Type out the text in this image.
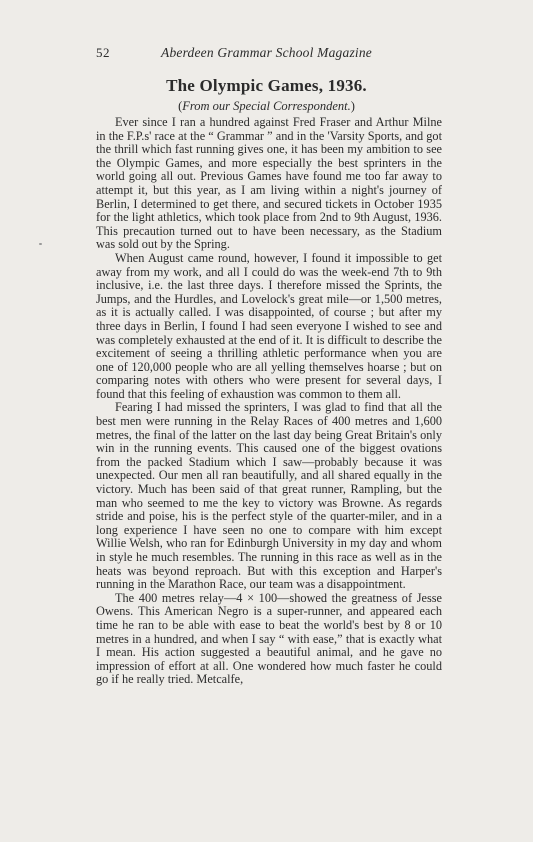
52	Aberdeen Grammar School Magazine
The Olympic Games, 1936.
(From our Special Correspondent.)

Ever since I ran a hundred against Fred Fraser and Arthur Milne in the F.P.s' race at the “ Grammar ” and in the 'Varsity Sports, and got the thrill which fast running gives one, it has been my ambition to see the Olympic Games, and more especially the best sprinters in the world going all out. Previous Games have found me too far away to attempt it, but this year, as I am living within a night's journey of Berlin, I determined to get there, and secured tickets in October 1935 for the light athletics, which took place from 2nd to 9th August, 1936. This precaution turned out to have been necessary, as the Stadium was sold out by the Spring.

When August came round, however, I found it impossible to get away from my work, and all I could do was the week-end 7th to 9th inclusive, i.e. the last three days. I therefore missed the Sprints, the Jumps, and the Hurdles, and Lovelock's great mile—or 1,500 metres, as it is actually called. I was disappointed, of course ; but after my three days in Berlin, I found I had seen everyone I wished to see and was completely exhausted at the end of it. It is difficult to describe the excitement of seeing a thrilling athletic performance when you are one of 120,000 people who are all yelling themselves hoarse ; but on comparing notes with others who were present for several days, I found that this feeling of exhaustion was common to them all.

Fearing I had missed the sprinters, I was glad to find that all the best men were running in the Relay Races of 400 metres and 1,600 metres, the final of the latter on the last day being Great Britain's only win in the running events. This caused one of the biggest ovations from the packed Stadium which I saw—probably because it was unexpected. Our men all ran beautifully, and all shared equally in the victory. Much has been said of that great runner, Rampling, but the man who seemed to me the key to victory was Browne. As regards stride and poise, his is the perfect style of the quarter-miler, and in a long experience I have seen no one to compare with him except Willie Welsh, who ran for Edinburgh University in my day and whom in style he much resembles. The running in this race as well as in the heats was beyond reproach. But with this exception and Harper's running in the Marathon Race, our team was a disappointment.

The 400 metres relay—4 × 100—showed the greatness of Jesse Owens. This American Negro is a super-runner, and appeared each time he ran to be able with ease to beat the world's best by 8 or 10 metres in a hundred, and when I say “ with ease,” that is exactly what I mean. His action suggested a beautiful animal, and he gave no impression of effort at all. One wondered how much faster he could go if he really tried. Metcalfe,
